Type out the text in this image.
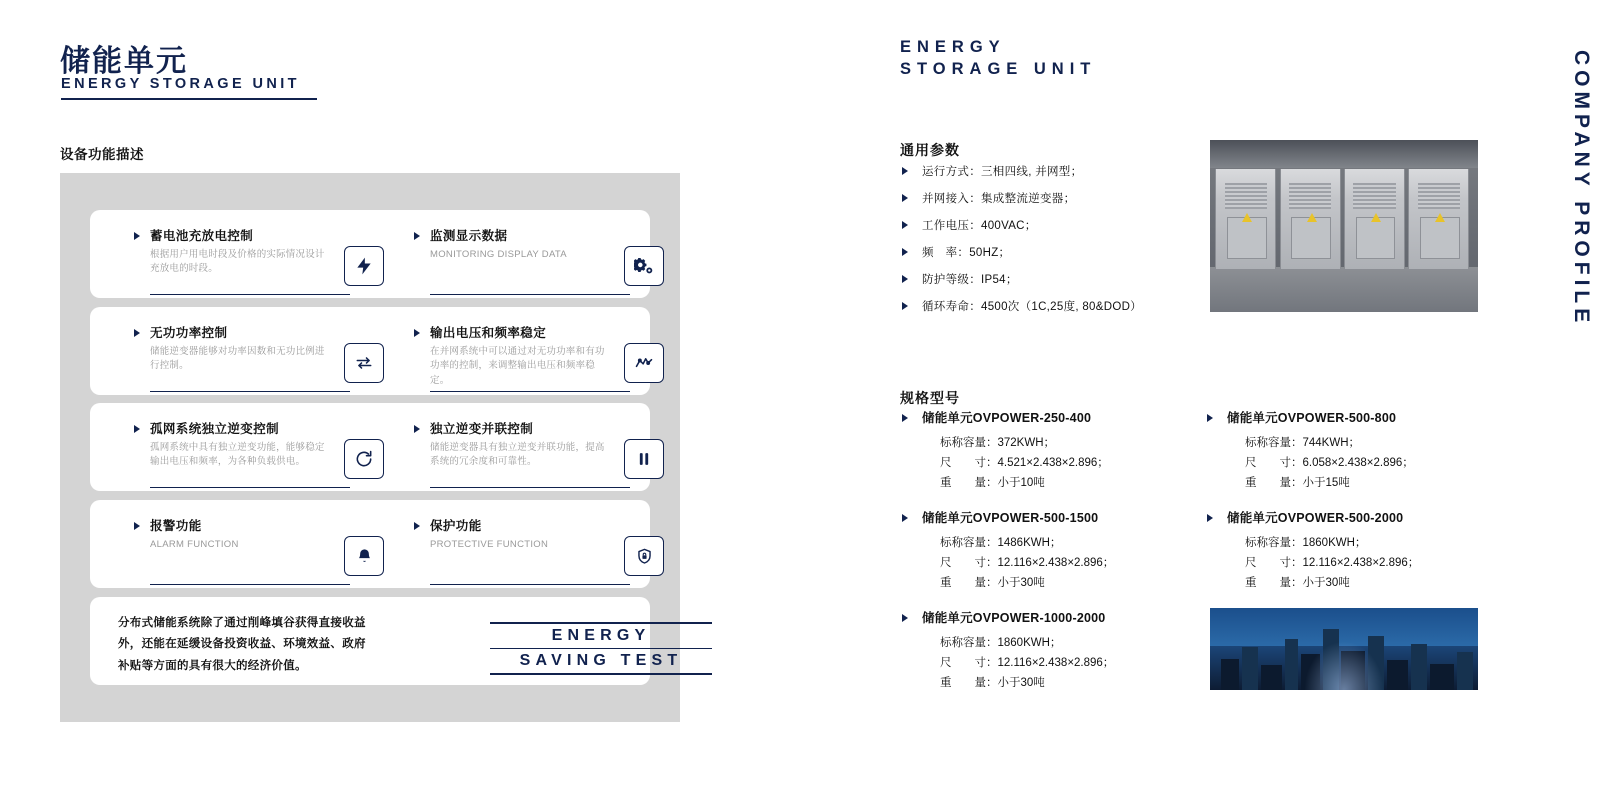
储能单元
ENERGY STORAGE UNIT
设备功能描述
蓄电池充放电控制
根据用户用电时段及价格的实际情况设计充放电的时段。
监测显示数据
MONITORING DISPLAY DATA
无功功率控制
储能逆变器能够对功率因数和无功比例进行控制。
输出电压和频率稳定
在并网系统中可以通过对无功功率和有功功率的控制，来调整输出电压和频率稳定。
孤网系统独立逆变控制
孤网系统中具有独立逆变功能，能够稳定输出电压和频率，为各种负载供电。
独立逆变并联控制
储能逆变器具有独立逆变并联功能，提高系统的冗余度和可靠性。
报警功能
ALARM FUNCTION
保护功能
PROTECTIVE FUNCTION
分布式储能系统除了通过削峰填谷获得直接收益外，还能在延缓设备投资收益、环境效益、政府补贴等方面的具有很大的经济价值。
ENERGY
SAVING TEST
ENERGY
STORAGE UNIT
通用参数
运行方式：三相四线, 并网型；
并网接入：集成整流逆变器；
工作电压：400VAC；
频　率：50HZ；
防护等级：IP54；
循环寿命：4500次（1C,25度, 80&DOD）	COMPANY PROFILE
规格型号
储能单元OVPOWER-250-400
标称容量：372KWH；
尺　　寸：4.521×2.438×2.896；
重　　量：小于10吨
储能单元OVPOWER-500-800
标称容量：744KWH；
尺　　寸：6.058×2.438×2.896；
重　　量：小于15吨
储能单元OVPOWER-500-1500
标称容量：1486KWH；
尺　　寸：12.116×2.438×2.896；
重　　量：小于30吨
储能单元OVPOWER-500-2000
标称容量：1860KWH；
尺　　寸：12.116×2.438×2.896；
重　　量：小于30吨
储能单元OVPOWER-1000-2000
标称容量：1860KWH；
尺　　寸：12.116×2.438×2.896；
重　　量：小于30吨
